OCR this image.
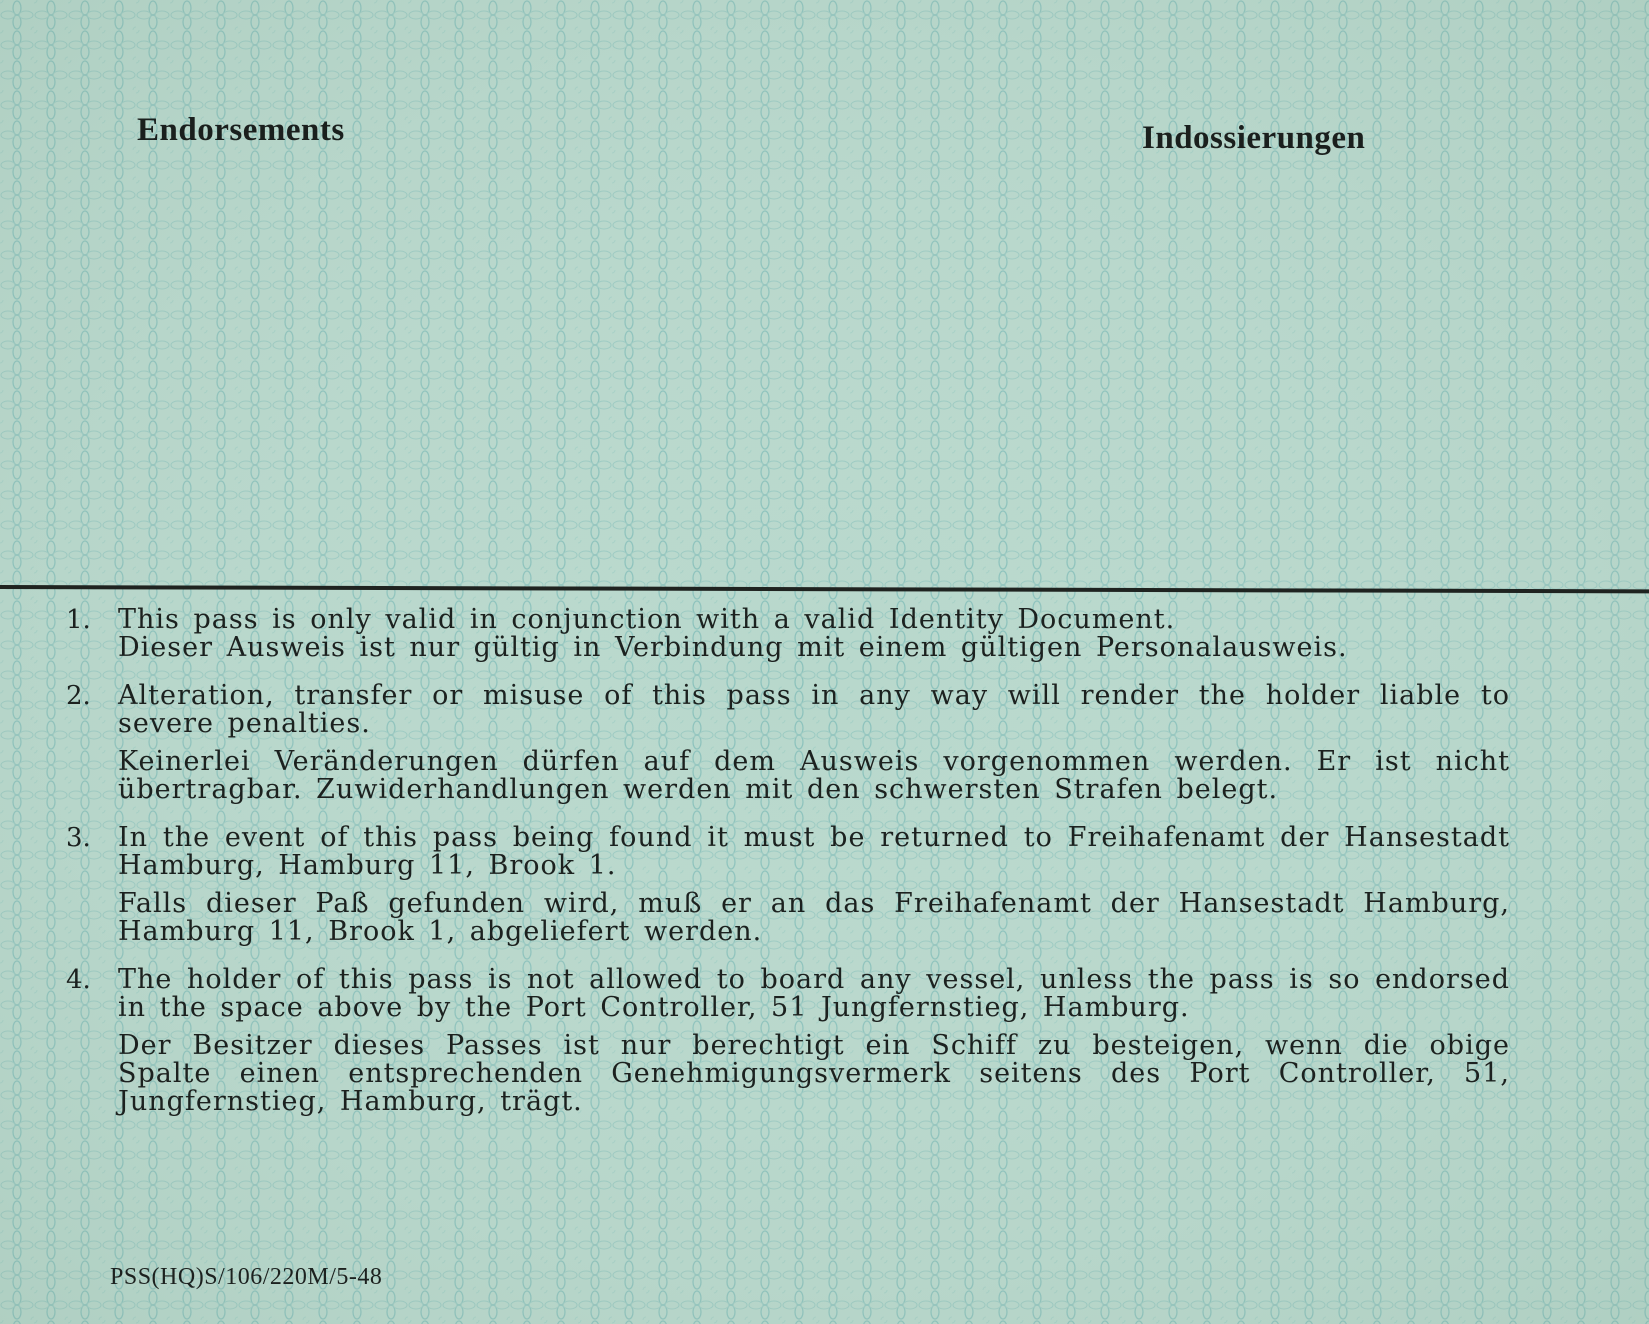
Endorsements	Indossierungen
1.	This pass is only valid in conjunction with a valid Identity Document.

Dieser Ausweis ist nur gültig in Verbindung mit einem gültigen Personalausweis.

2.	Alteration, transfer or misuse of this pass in any way will render the holder liable to severe penalties.

Keinerlei Veränderungen dürfen auf dem Ausweis vorgenommen werden. Er ist nicht übertragbar. Zuwiderhandlungen werden mit den schwersten Strafen belegt.

3.	In the event of this pass being found it must be returned to Freihafenamt der Hansestadt Hamburg, Hamburg 11, Brook 1.

Falls dieser Paß gefunden wird, muß er an das Freihafenamt der Hansestadt Hamburg, Hamburg 11, Brook 1, abgeliefert werden.

4.	The holder of this pass is not allowed to board any vessel, unless the pass is so endorsed in the space above by the Port Controller, 51 Jungfernstieg, Hamburg.

Der Besitzer dieses Passes ist nur berechtigt ein Schiff zu besteigen, wenn die obige Spalte einen entsprechenden Genehmigungsvermerk seitens des Port Controller, 51, Jungfernstieg, Hamburg, trägt.

PSS(HQ)S/106/220M/5-48
